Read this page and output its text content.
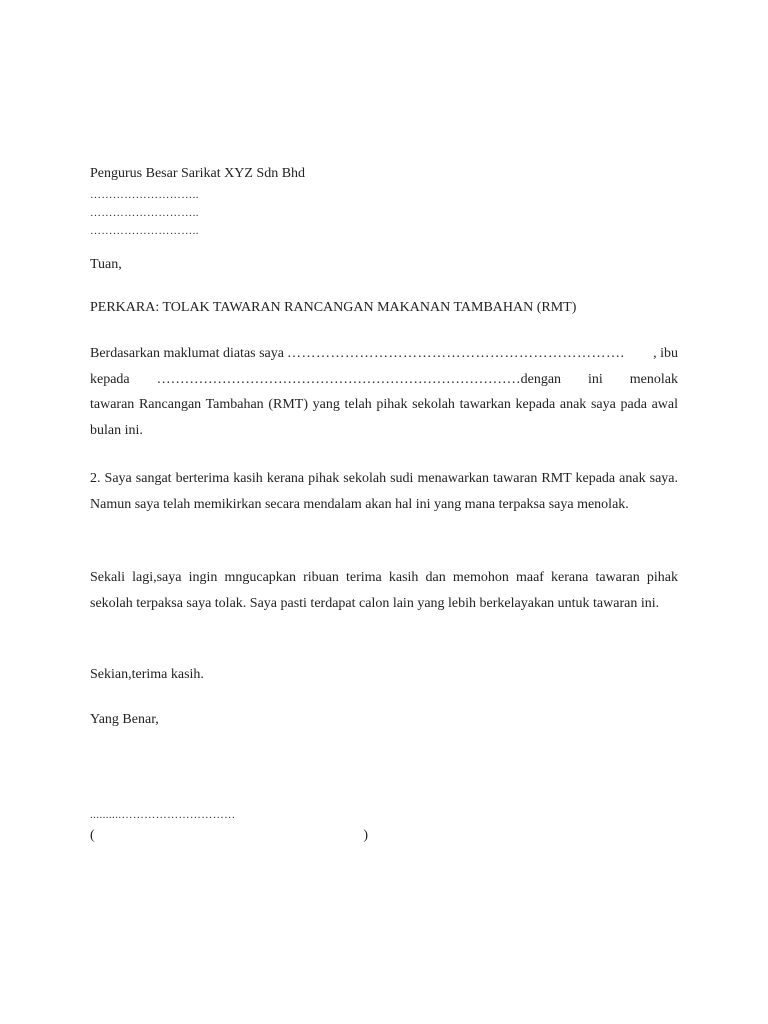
Pengurus Besar Sarikat XYZ Sdn Bhd
………………………..
………………………..
………………………..
Tuan,
PERKARA: TOLAK TAWARAN RANCANGAN MAKANAN TAMBAHAN (RMT)
Berdasarkan maklumat diatas saya …………………………………………………………….	, ibu
kepada ……………………………………………………………………dengan ini menolak
tawaran Rancangan Tambahan (RMT) yang telah pihak sekolah tawarkan kepada anak saya pada awal bulan ini.
2. Saya sangat berterima kasih kerana pihak sekolah sudi menawarkan tawaran RMT kepada anak saya. Namun saya telah memikirkan secara mendalam akan hal ini yang mana terpaksa saya menolak.
Sekali lagi,saya ingin mngucapkan ribuan terima kasih dan memohon maaf kerana tawaran pihak sekolah terpaksa saya tolak. Saya pasti terdapat calon lain yang lebih berkelayakan untuk tawaran ini.
Sekian,terima kasih.
Yang Benar,
..........…………………………
(	)
